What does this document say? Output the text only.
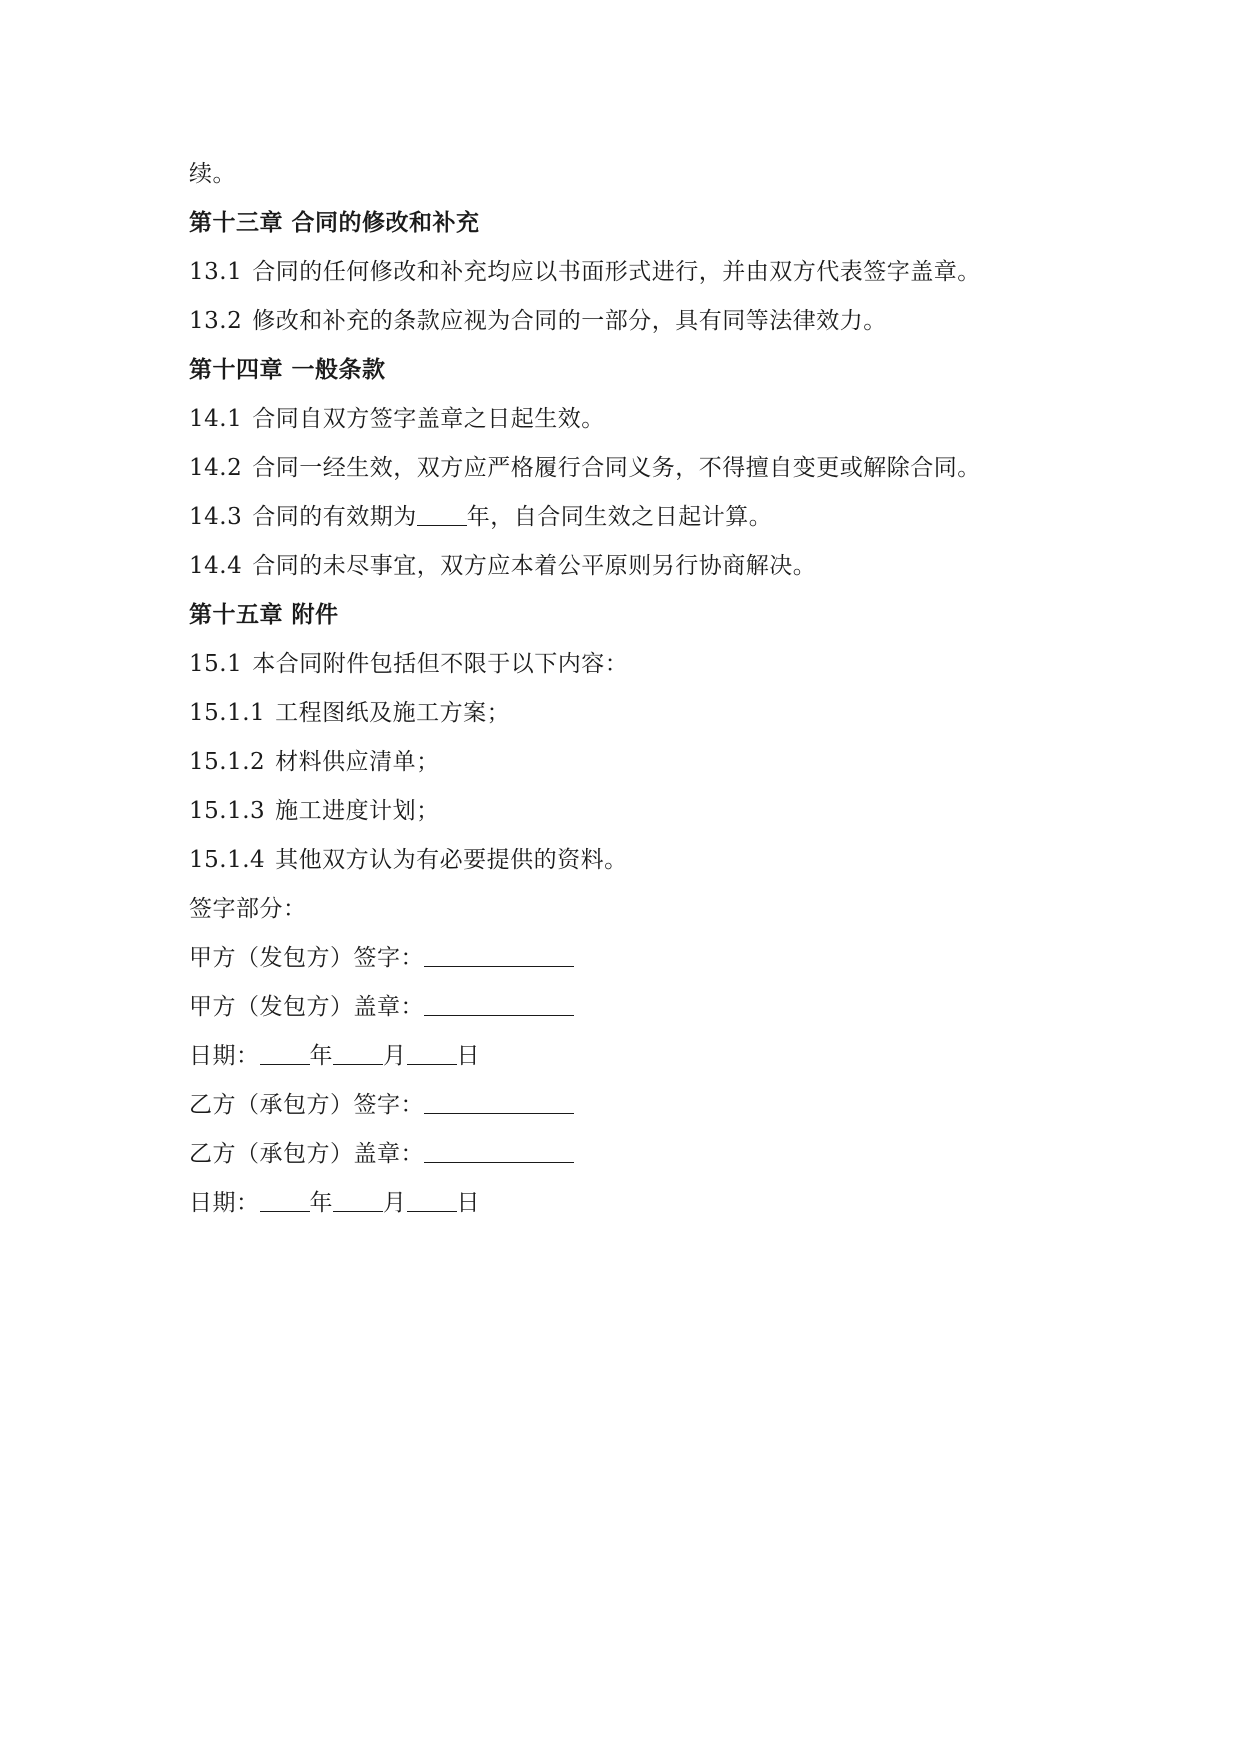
续。
第十三章 合同的修改和补充
13.1 合同的任何修改和补充均应以书面形式进行，并由双方代表签字盖章。
13.2 修改和补充的条款应视为合同的一部分，具有同等法律效力。
第十四章 一般条款
14.1 合同自双方签字盖章之日起生效。
14.2 合同一经生效，双方应严格履行合同义务，不得擅自变更或解除合同。
14.3 合同的有效期为 年，自合同生效之日起计算。
14.4 合同的未尽事宜，双方应本着公平原则另行协商解决。
第十五章 附件
15.1 本合同附件包括但不限于以下内容：
15.1.1 工程图纸及施工方案；
15.1.2 材料供应清单；
15.1.3 施工进度计划；
15.1.4 其他双方认为有必要提供的资料。
签字部分：
甲方（发包方）签字：
甲方（发包方）盖章：
日期： 年 月 日
乙方（承包方）签字：
乙方（承包方）盖章：
日期： 年 月 日
